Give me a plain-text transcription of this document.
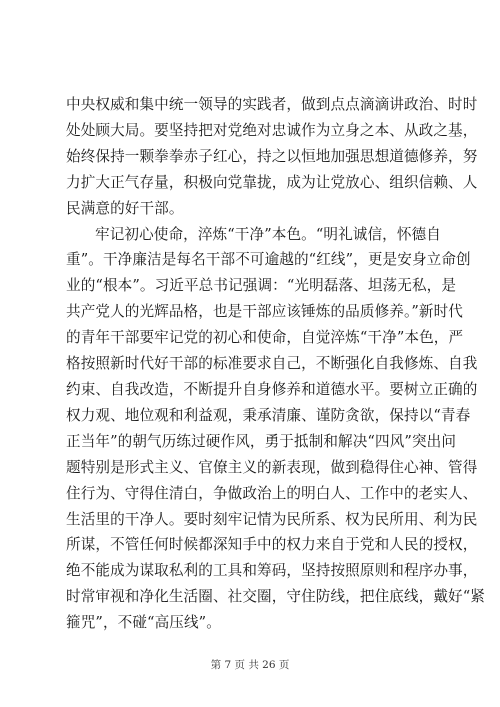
中央权威和集中统一领导的实践者，做到点点滴滴讲政治、时时
处处顾大局。要坚持把对党绝对忠诚作为立身之本、从政之基，
始终保持一颗拳拳赤子红心，持之以恒地加强思想道德修养，努
力扩大正气存量，积极向党靠拢，成为让党放心、组织信赖、人
民满意的好干部。

牢记初心使命，淬炼“干净”本色。“明礼诚信，怀德自
重”。干净廉洁是每名干部不可逾越的“红线”，更是安身立命创
业的“根本”。习近平总书记强调：“光明磊落、坦荡无私，是
共产党人的光辉品格，也是干部应该锤炼的品质修养。”新时代
的青年干部要牢记党的初心和使命，自觉淬炼“干净”本色，严
格按照新时代好干部的标准要求自己，不断强化自我修炼、自我
约束、自我改造，不断提升自身修养和道德水平。要树立正确的
权力观、地位观和利益观，秉承清廉、谨防贪欲，保持以“青春
正当年”的朝气历练过硬作风，勇于抵制和解决“四风”突出问
题特别是形式主义、官僚主义的新表现，做到稳得住心神、管得
住行为、守得住清白，争做政治上的明白人、工作中的老实人、
生活里的干净人。要时刻牢记情为民所系、权为民所用、利为民
所谋，不管任何时候都深知手中的权力来自于党和人民的授权，
绝不能成为谋取私利的工具和筹码，坚持按照原则和程序办事，
时常审视和净化生活圈、社交圈，守住防线，把住底线，戴好“紧
箍咒”，不碰“高压线”。

第 7 页 共 26 页
